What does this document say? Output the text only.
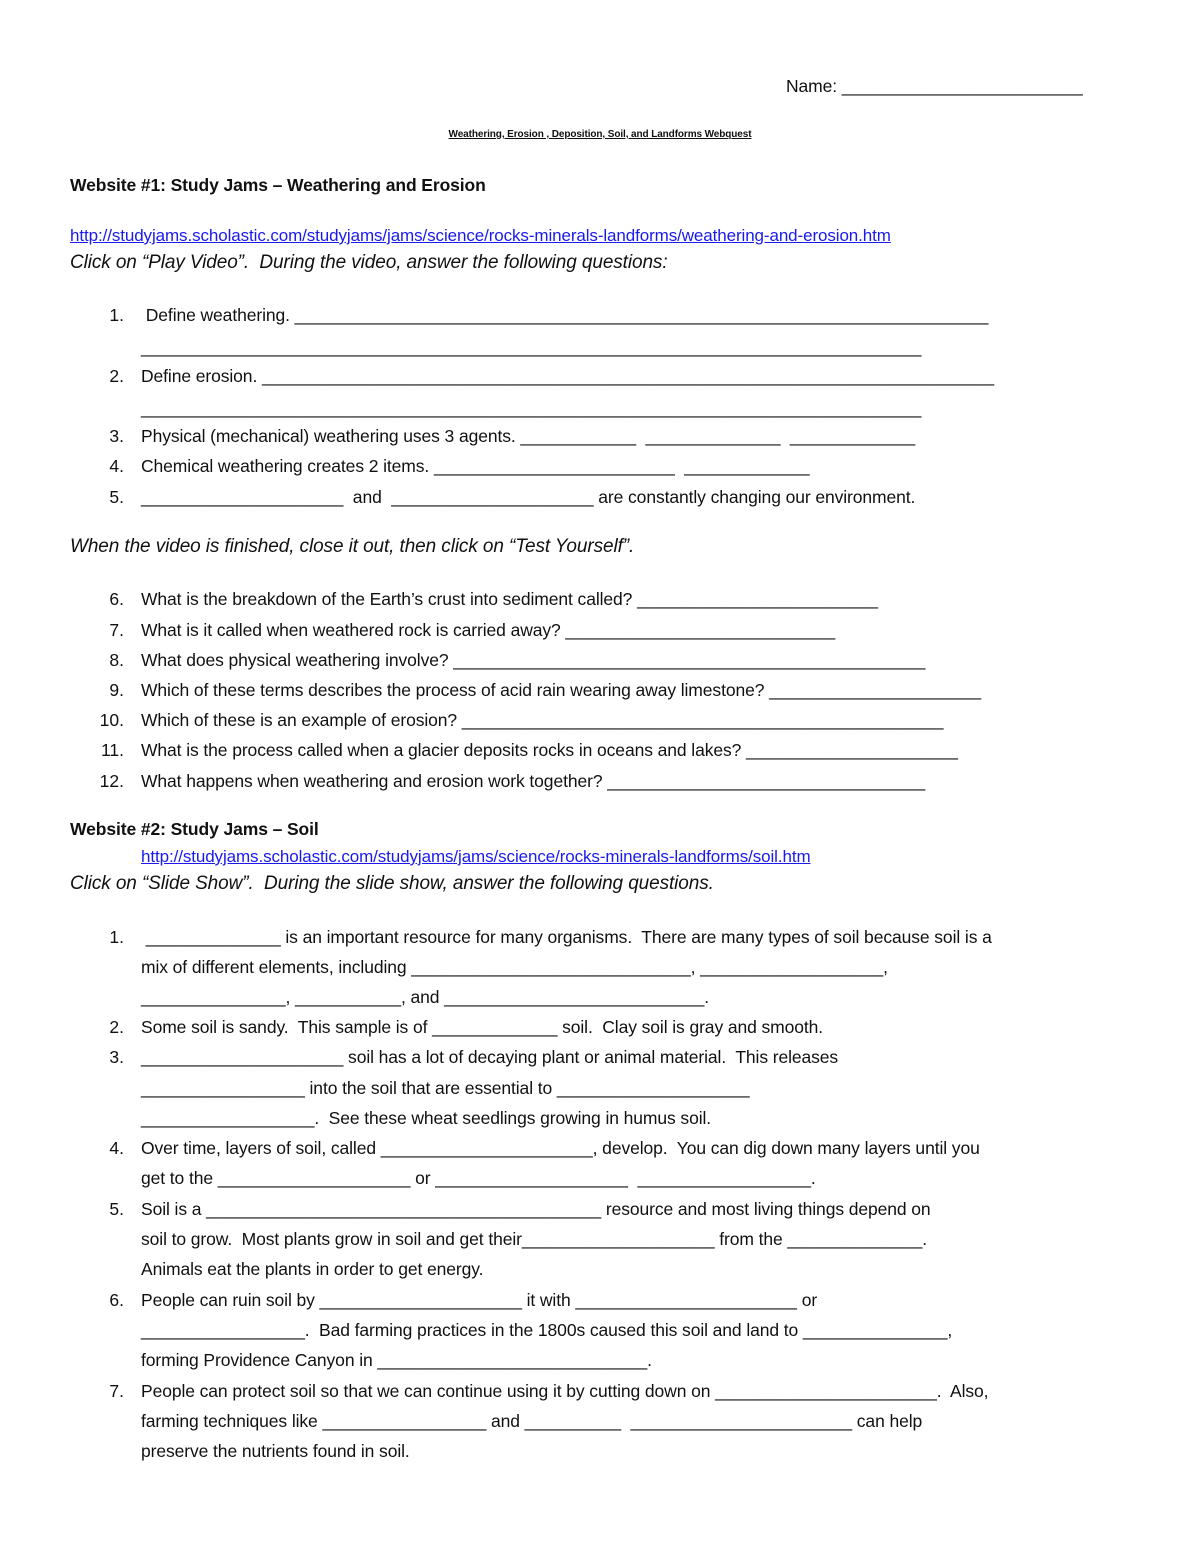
Name: _________________________
Weathering, Erosion , Deposition, Soil, and Landforms Webquest
Website #1: Study Jams – Weathering and Erosion
http://studyjams.scholastic.com/studyjams/jams/science/rocks-minerals-landforms/weathering-and-erosion.htm
Click on “Play Video”.  During the video, answer the following questions:
1. Define weathering. ________________________________________________________________________
_________________________________________________________________________________
2. Define erosion. ____________________________________________________________________________
_________________________________________________________________________________
3. Physical (mechanical) weathering uses 3 agents. ____________  ______________  _____________
4. Chemical weathering creates 2 items. _________________________  _____________
5. _____________________  and  _____________________ are constantly changing our environment.
When the video is finished, close it out, then click on “Test Yourself”.
6. What is the breakdown of the Earth’s crust into sediment called? _________________________
7. What is it called when weathered rock is carried away? ____________________________
8. What does physical weathering involve? _________________________________________________
9. Which of these terms describes the process of acid rain wearing away limestone? ______________________
10. Which of these is an example of erosion? __________________________________________________
11. What is the process called when a glacier deposits rocks in oceans and lakes? ______________________
12. What happens when weathering and erosion work together? _________________________________
Website #2: Study Jams – Soil
http://studyjams.scholastic.com/studyjams/jams/science/rocks-minerals-landforms/soil.htm
Click on “Slide Show”.  During the slide show, answer the following questions.
1. ______________ is an important resource for many organisms.  There are many types of soil because soil is a
mix of different elements, including _____________________________, ___________________,
_______________, ___________, and ___________________________.
2. Some soil is sandy.  This sample is of _____________ soil.  Clay soil is gray and smooth.
3. _____________________ soil has a lot of decaying plant or animal material.  This releases
_________________ into the soil that are essential to ____________________
__________________.  See these wheat seedlings growing in humus soil.
4. Over time, layers of soil, called ______________________, develop.  You can dig down many layers until you
get to the ____________________ or ____________________  __________________.
5. Soil is a _________________________________________ resource and most living things depend on
soil to grow.  Most plants grow in soil and get their____________________ from the ______________.
Animals eat the plants in order to get energy.
6. People can ruin soil by _____________________ it with _______________________ or
_________________.  Bad farming practices in the 1800s caused this soil and land to _______________,
forming Providence Canyon in ____________________________.
7. People can protect soil so that we can continue using it by cutting down on _______________________.  Also,
farming techniques like _________________ and __________  _______________________ can help
preserve the nutrients found in soil.
